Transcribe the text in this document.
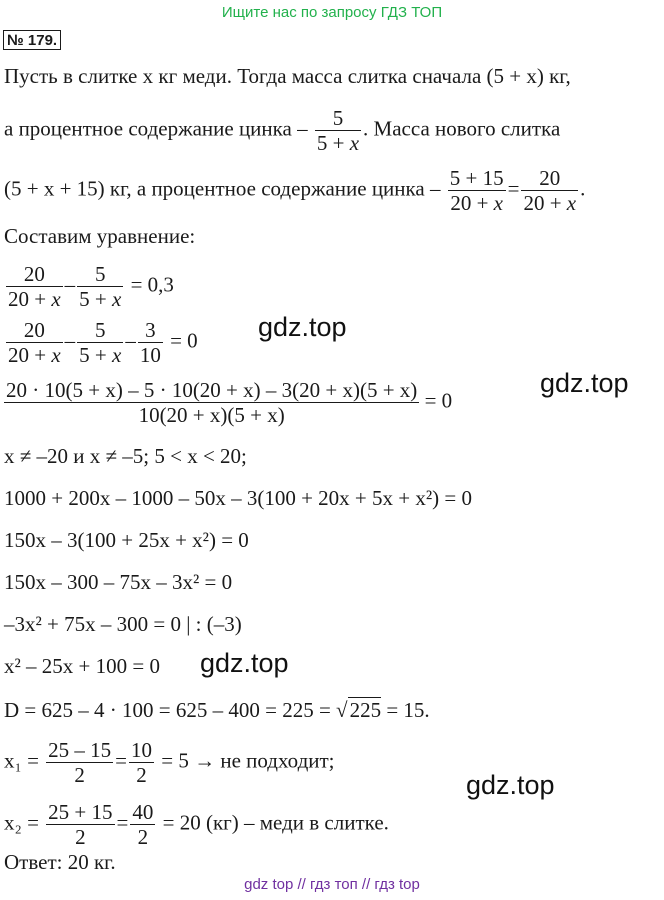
Ищите нас по запросу ГДЗ ТОП
№ 179.
Пусть в слитке x кг меди. Тогда масса слитка сначала (5 + x) кг,
а процентное содержание цинка – $\frac{5}{5 + x}$ . Масса нового слитка
(5 + x + 15) кг, а процентное содержание цинка – $\frac{5 + 15}{20 + x} = \frac{20}{20 + x}$ .
Составим уравнение:
$\frac{20}{20 + x} - \frac{5}{5 + x} = 0,3$
$\frac{20}{20 + x} - \frac{5}{5 + x} - \frac{3}{10} = 0$ gdz.top
$\frac{20 \cdot 10(5 + x) - 5 \cdot 10(20 + x) - 3(20 + x)(5 + x)}{10(20 + x)(5 + x)} = 0$
gdz.top
x ≠ –20 и x ≠ –5; 5 < x < 20;
1000 + 200x – 1000 – 50x – 3(100 + 20x + 5x + x²) = 0
150x – 3(100 + 25x + x²) = 0
150x – 300 – 75x – 3x² = 0
–3x² + 75x – 300 = 0 | : (–3)
x² – 25x + 100 = 0 gdz.top
D = 625 – 4 · 100 = 625 – 400 = 225 = √225 = 15.
$x_1 = \frac{25 - 15}{2} = \frac{10}{2} = 5$ → не подходит;
gdz.top
$x_2 = \frac{25 + 15}{2} = \frac{40}{2} = 20$ (кг) – меди в слитке.
Ответ: 20 кг.
gdz top // гдз топ // гдз top
